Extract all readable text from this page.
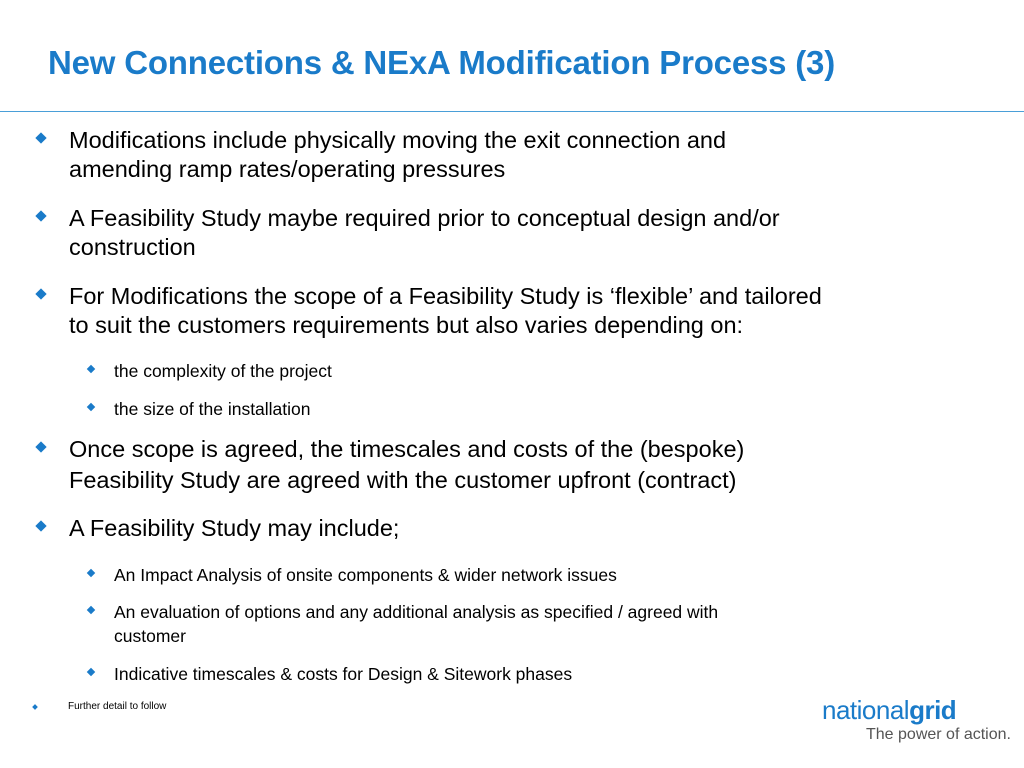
New Connections & NExA Modification Process (3)
Modifications include physically moving the exit connection and
amending ramp rates/operating pressures
A Feasibility Study maybe required prior to conceptual design and/or
construction
For Modifications the scope of a Feasibility Study is ‘flexible’ and tailored
to suit the customers requirements but also varies depending on:
the complexity of the project
the size of the installation
Once scope is agreed, the timescales and costs of the (bespoke)
Feasibility Study are agreed with the customer upfront (contract)
A Feasibility Study may include;
An Impact Analysis of onsite components & wider network issues
An evaluation of options and any additional analysis as specified / agreed with
customer
Indicative timescales & costs for Design & Sitework phases
Further detail to follow	nationalgrid
The power of action.
